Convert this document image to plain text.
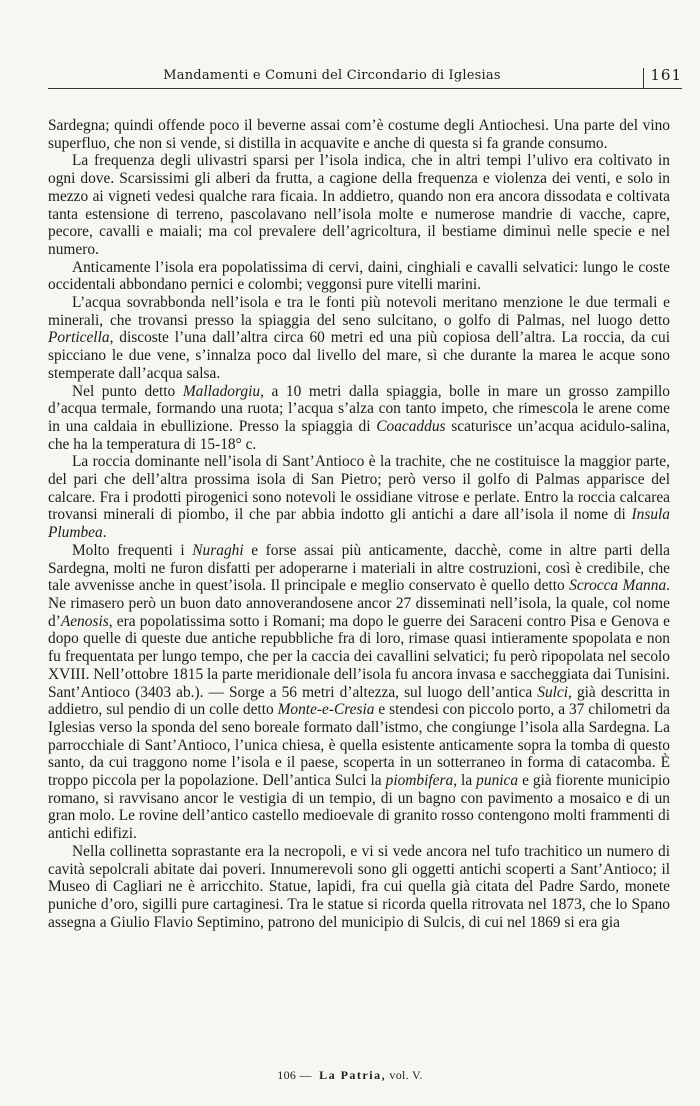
Mandamenti e Comuni del Circondario di Iglesias	161

Sardegna; quindi offende poco il beverne assai com’è costume degli Antiochesi. Una parte del vino superfluo, che non si vende, si distilla in acquavite e anche di questa si fa grande consumo.

La frequenza degli ulivastri sparsi per l’isola indica, che in altri tempi l’ulivo era coltivato in ogni dove. Scarsissimi gli alberi da frutta, a cagione della frequenza e violenza dei venti, e solo in mezzo ai vigneti vedesi qualche rara ficaia. In addietro, quando non era ancora dissodata e coltivata tanta estensione di terreno, pascolavano nell’isola molte e numerose mandrie di vacche, capre, pecore, cavalli e maiali; ma col prevalere dell’agricoltura, il bestiame diminuì nelle specie e nel numero.

Anticamente l’isola era popolatissima di cervi, daini, cinghiali e cavalli selvatici: lungo le coste occidentali abbondano pernici e colombi; veggonsi pure vitelli marini.

L’acqua sovrabbonda nell’isola e tra le fonti più notevoli meritano menzione le due termali e minerali, che trovansi presso la spiaggia del seno sulcitano, o golfo di Palmas, nel luogo detto Porticella, discoste l’una dall’altra circa 60 metri ed una più copiosa dell’altra. La roccia, da cui spicciano le due vene, s’innalza poco dal livello del mare, sì che durante la marea le acque sono stemperate dall’acqua salsa.

Nel punto detto Malladorgiu, a 10 metri dalla spiaggia, bolle in mare un grosso zampillo d’acqua termale, formando una ruota; l’acqua s’alza con tanto impeto, che rimescola le arene come in una caldaia in ebullizione. Presso la spiaggia di Coacaddus scaturisce un’acqua acidulo-salina, che ha la temperatura di 15-18° c.

La roccia dominante nell’isola di Sant’Antioco è la trachite, che ne costituisce la maggior parte, del pari che dell’altra prossima isola di San Pietro; però verso il golfo di Palmas apparisce del calcare. Fra i prodotti pirogenici sono notevoli le ossidiane vitrose e perlate. Entro la roccia calcarea trovansi minerali di piombo, il che par abbia indotto gli antichi a dare all’isola il nome di Insula Plumbea.

Molto frequenti i Nuraghi e forse assai più anticamente, dacchè, come in altre parti della Sardegna, molti ne furon disfatti per adoperarne i materiali in altre costruzioni, così è credibile, che tale avvenisse anche in quest’isola. Il principale e meglio conservato è quello detto Scrocca Manna. Ne rimasero però un buon dato annoverandosene ancor 27 disseminati nell’isola, la quale, col nome d’Aenosis, era popolatissima sotto i Romani; ma dopo le guerre dei Saraceni contro Pisa e Genova e dopo quelle di queste due antiche repubbliche fra di loro, rimase quasi intieramente spopolata e non fu frequentata per lungo tempo, che per la caccia dei cavallini selvatici; fu però ripopolata nel secolo XVIII. Nell’ottobre 1815 la parte meridionale dell’isola fu ancora invasa e saccheggiata dai Tunisini.

Sant’Antioco (3403 ab.). — Sorge a 56 metri d’altezza, sul luogo dell’antica Sulci, già descritta in addietro, sul pendio di un colle detto Monte-e-Cresia e stendesi con piccolo porto, a 37 chilometri da Iglesias verso la sponda del seno boreale formato dall’istmo, che congiunge l’isola alla Sardegna. La parrocchiale di Sant’Antioco, l’unica chiesa, è quella esistente anticamente sopra la tomba di questo santo, da cui traggono nome l’isola e il paese, scoperta in un sotterraneo in forma di catacomba. È troppo piccola per la popolazione. Dell’antica Sulci la piombifera, la punica e già fiorente municipio romano, si ravvisano ancor le vestigia di un tempio, di un bagno con pavimento a mosaico e di un gran molo. Le rovine dell’antico castello medioevale di granito rosso contengono molti frammenti di antichi edifizi.

Nella collinetta soprastante era la necropoli, e vi si vede ancora nel tufo trachitico un numero di cavità sepolcrali abitate dai poveri. Innumerevoli sono gli oggetti antichi scoperti a Sant’Antioco; il Museo di Cagliari ne è arricchito. Statue, lapidi, fra cui quella già citata del Padre Sardo, monete puniche d’oro, sigilli pure cartaginesi. Tra le statue si ricorda quella ritrovata nel 1873, che lo Spano assegna a Giulio Flavio Septimino, patrono del municipio di Sulcis, di cui nel 1869 si era gia

106 — La Patria, vol. V.
